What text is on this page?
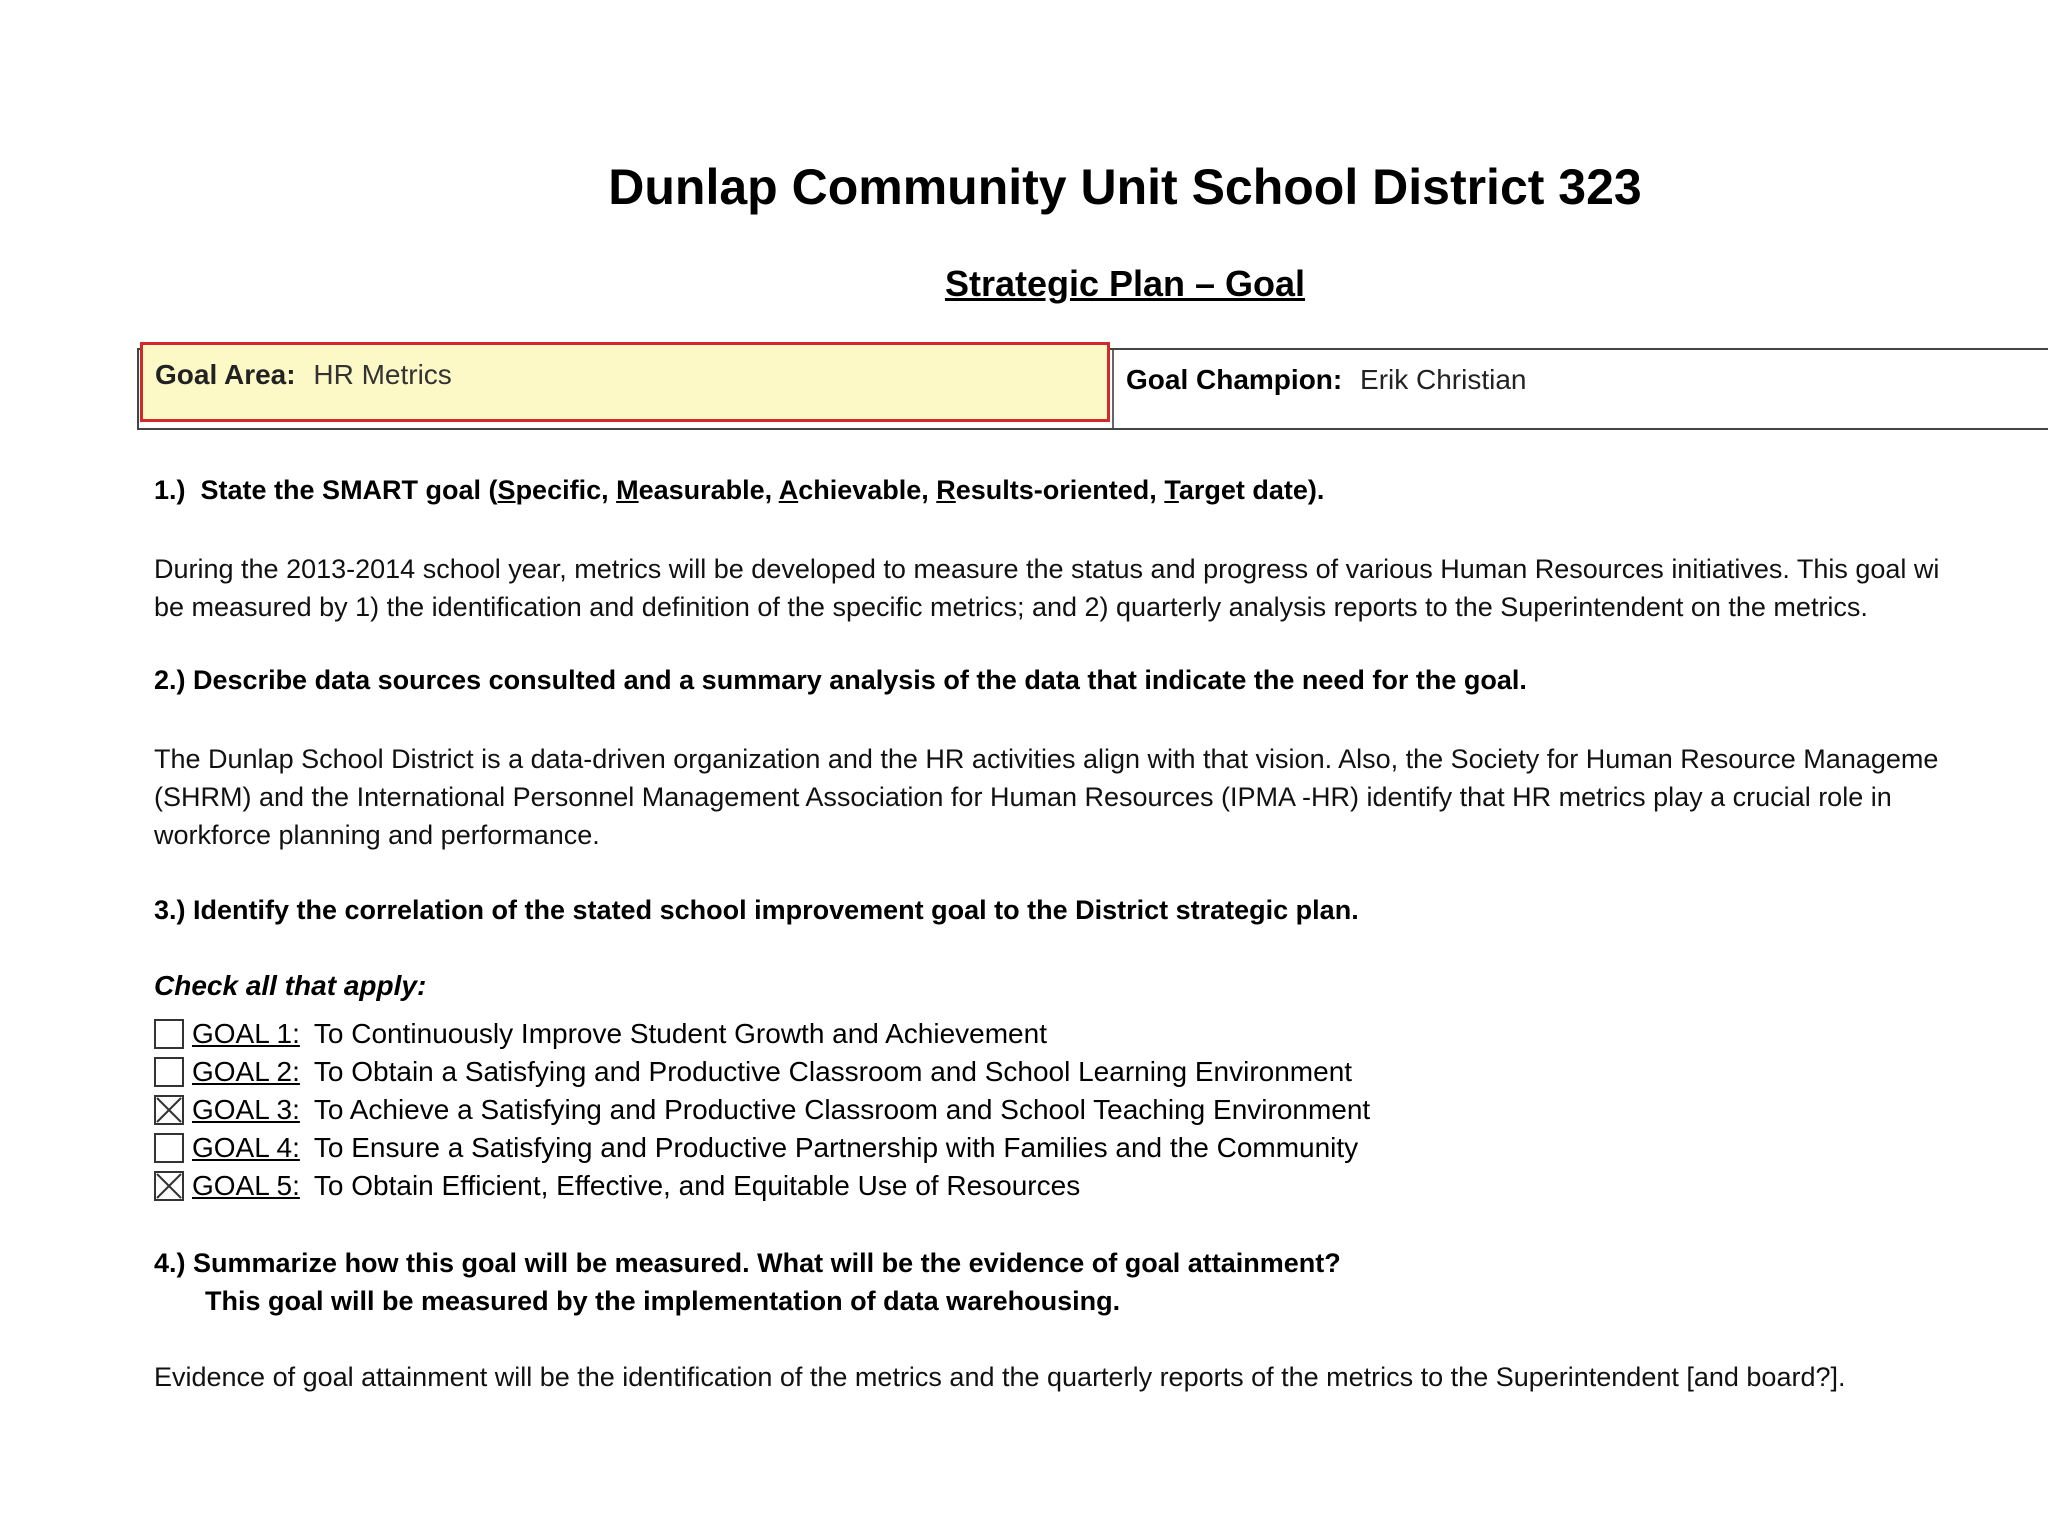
Dunlap Community Unit School District 323
Strategic Plan – Goal
Goal Area: HR Metrics	Goal Champion: Erik Christian
1.) State the SMART goal (Specific, Measurable, Achievable, Results-oriented, Target date).
During the 2013-2014 school year, metrics will be developed to measure the status and progress of various Human Resources initiatives. This goal wi
be measured by 1) the identification and definition of the specific metrics; and 2) quarterly analysis reports to the Superintendent on the metrics.
2.) Describe data sources consulted and a summary analysis of the data that indicate the need for the goal.
The Dunlap School District is a data-driven organization and the HR activities align with that vision. Also, the Society for Human Resource Manageme
(SHRM) and the International Personnel Management Association for Human Resources (IPMA -HR) identify that HR metrics play a crucial role in
workforce planning and performance.
3.) Identify the correlation of the stated school improvement goal to the District strategic plan.
Check all that apply:
GOAL 1: To Continuously Improve Student Growth and Achievement
GOAL 2: To Obtain a Satisfying and Productive Classroom and School Learning Environment
GOAL 3: To Achieve a Satisfying and Productive Classroom and School Teaching Environment
GOAL 4: To Ensure a Satisfying and Productive Partnership with Families and the Community
GOAL 5: To Obtain Efficient, Effective, and Equitable Use of Resources
4.) Summarize how this goal will be measured. What will be the evidence of goal attainment?
This goal will be measured by the implementation of data warehousing.
Evidence of goal attainment will be the identification of the metrics and the quarterly reports of the metrics to the Superintendent [and board?].
